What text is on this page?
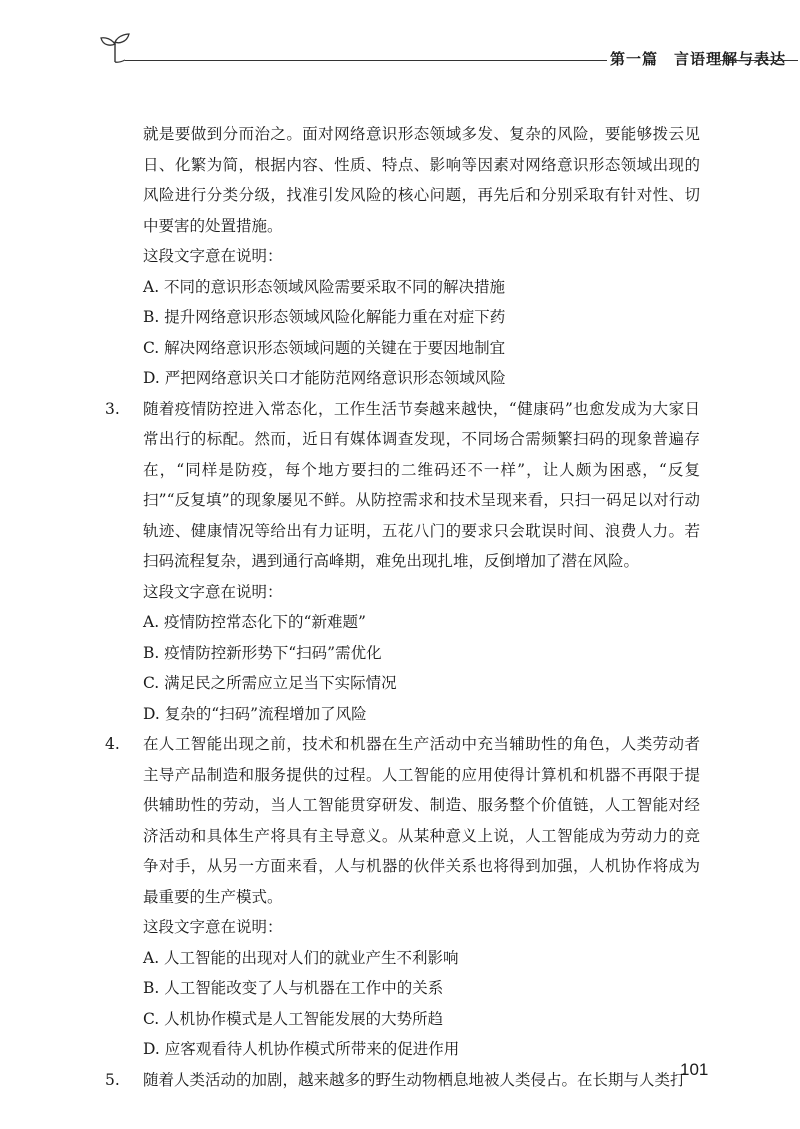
第一篇　言语理解与表达

就是要做到分而治之。面对网络意识形态领域多发、复杂的风险，要能够拨云见日、化繁为简，根据内容、性质、特点、影响等因素对网络意识形态领域出现的风险进行分类分级，找准引发风险的核心问题，再先后和分别采取有针对性、切中要害的处置措施。

这段文字意在说明：

A. 不同的意识形态领域风险需要采取不同的解决措施

B. 提升网络意识形态领域风险化解能力重在对症下药

C. 解决网络意识形态领域问题的关键在于要因地制宜

D. 严把网络意识关口才能防范网络意识形态领域风险

3. 随着疫情防控进入常态化，工作生活节奏越来越快，“健康码”也愈发成为大家日常出行的标配。然而，近日有媒体调查发现，不同场合需频繁扫码的现象普遍存在，“同样是防疫，每个地方要扫的二维码还不一样”，让人颇为困惑，“反复扫”“反复填”的现象屡见不鲜。从防控需求和技术呈现来看，只扫一码足以对行动轨迹、健康情况等给出有力证明，五花八门的要求只会耽误时间、浪费人力。若扫码流程复杂，遇到通行高峰期，难免出现扎堆，反倒增加了潜在风险。

这段文字意在说明：

A. 疫情防控常态化下的“新难题”

B. 疫情防控新形势下“扫码”需优化

C. 满足民之所需应立足当下实际情况

D. 复杂的“扫码”流程增加了风险

4. 在人工智能出现之前，技术和机器在生产活动中充当辅助性的角色，人类劳动者主导产品制造和服务提供的过程。人工智能的应用使得计算机和机器不再限于提供辅助性的劳动，当人工智能贯穿研发、制造、服务整个价值链，人工智能对经济活动和具体生产将具有主导意义。从某种意义上说，人工智能成为劳动力的竞争对手，从另一方面来看，人与机器的伙伴关系也将得到加强，人机协作将成为最重要的生产模式。

这段文字意在说明：

A. 人工智能的出现对人们的就业产生不利影响

B. 人工智能改变了人与机器在工作中的关系

C. 人机协作模式是人工智能发展的大势所趋

D. 应客观看待人机协作模式所带来的促进作用

5. 随着人类活动的加剧，越来越多的野生动物栖息地被人类侵占。在长期与人类打

101
